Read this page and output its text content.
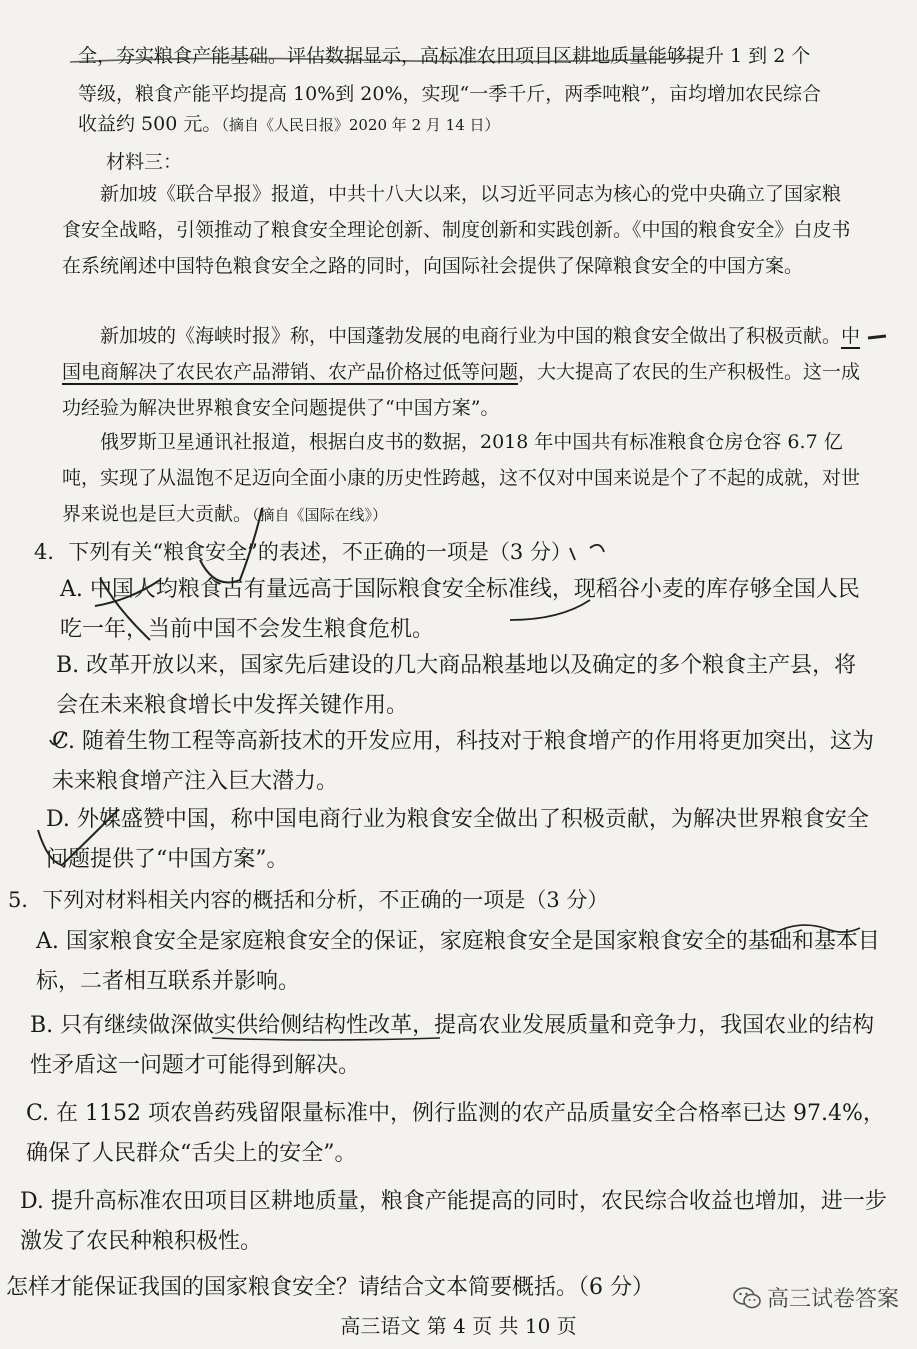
全，夯实粮食产能基础。评估数据显示，高标准农田项目区耕地质量能够提升 1 到 2 个

等级，粮食产能平均提高 10%到 20%，实现“一季千斤，两季吨粮”，亩均增加农民综合

收益约 500 元。（摘自《人民日报》2020 年 2 月 14 日）

材料三：

新加坡《联合早报》报道，中共十八大以来，以习近平同志为核心的党中央确立了国家粮食安全战略，引领推动了粮食安全理论创新、制度创新和实践创新。《中国的粮食安全》白皮书在系统阐述中国特色粮食安全之路的同时，向国际社会提供了保障粮食安全的中国方案。

新加坡的《海峡时报》称，中国蓬勃发展的电商行业为中国的粮食安全做出了积极贡献。中国电商解决了农民农产品滞销、农产品价格过低等问题，大大提高了农民的生产积极性。这一成功经验为解决世界粮食安全问题提供了“中国方案”。

俄罗斯卫星通讯社报道，根据白皮书的数据，2018 年中国共有标准粮食仓房仓容 6.7 亿吨，实现了从温饱不足迈向全面小康的历史性跨越，这不仅对中国来说是个了不起的成就，对世界来说也是巨大贡献。（摘自《国际在线》）

4．下列有关“粮食安全”的表述，不正确的一项是（3 分）

A. 中国人均粮食占有量远高于国际粮食安全标准线，现稻谷小麦的库存够全国人民吃一年，当前中国不会发生粮食危机。
B. 改革开放以来，国家先后建设的几大商品粮基地以及确定的多个粮食主产县，将会在未来粮食增长中发挥关键作用。
C. 随着生物工程等高新技术的开发应用，科技对于粮食增产的作用将更加突出，这为未来粮食增产注入巨大潜力。
D. 外媒盛赞中国，称中国电商行业为粮食安全做出了积极贡献，为解决世界粮食安全问题提供了“中国方案”。

5．下列对材料相关内容的概括和分析，不正确的一项是（3 分）

A. 国家粮食安全是家庭粮食安全的保证，家庭粮食安全是国家粮食安全的基础和基本目标，二者相互联系并影响。
B. 只有继续做深做实供给侧结构性改革，提高农业发展质量和竞争力，我国农业的结构性矛盾这一问题才可能得到解决。
C. 在 1152 项农兽药残留限量标准中，例行监测的农产品质量安全合格率已达 97.4%，确保了人民群众“舌尖上的安全”。
D. 提升高标准农田项目区耕地质量，粮食产能提高的同时，农民综合收益也增加，进一步激发了农民种粮积极性。

怎样才能保证我国的国家粮食安全？请结合文本简要概括。（6 分）	高三试卷答案
高三语文 第 4 页 共 10 页
